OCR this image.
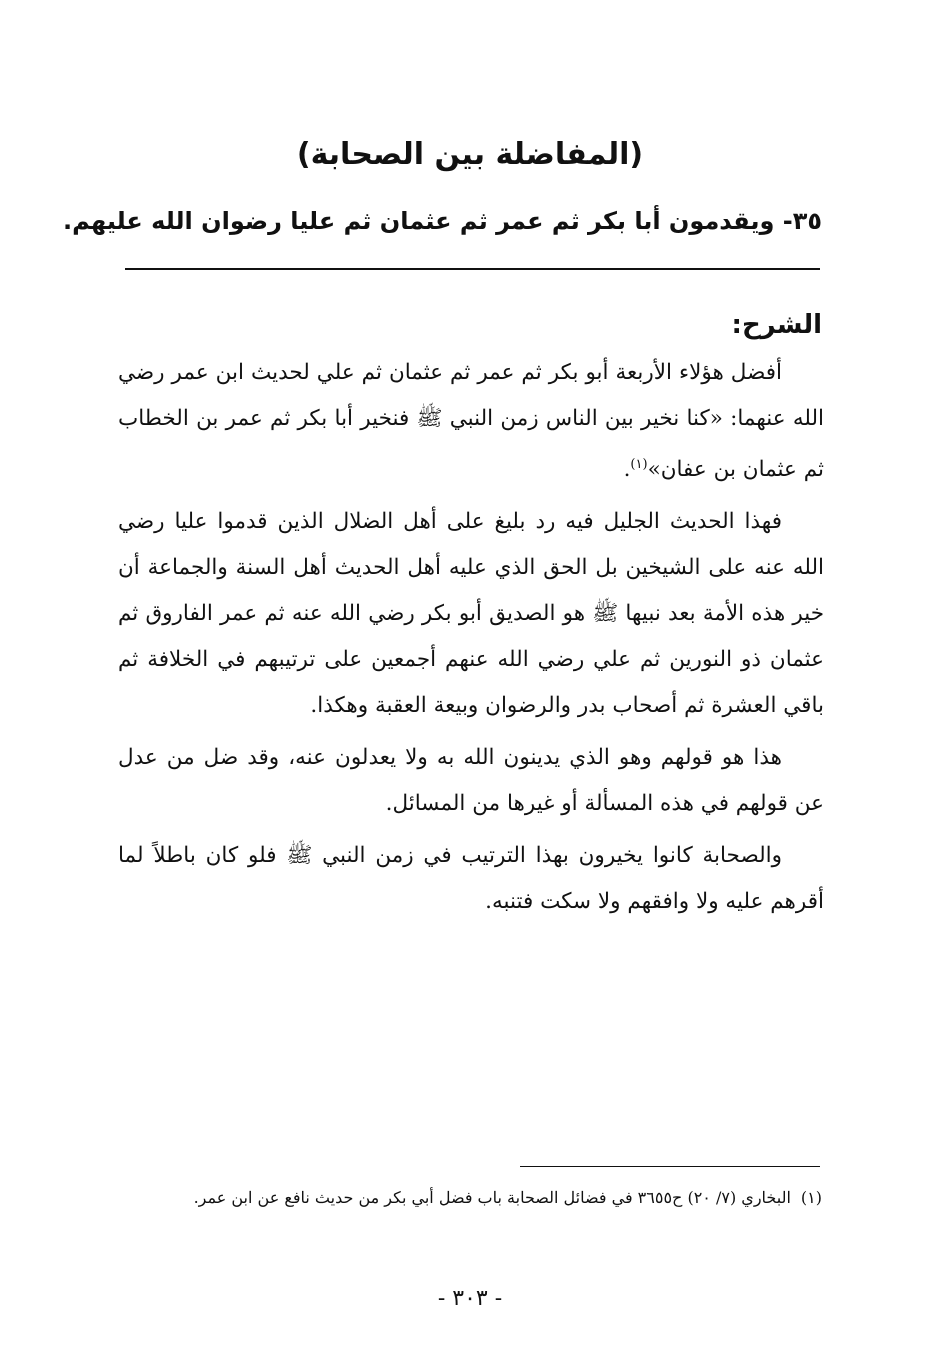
(المفاضلة بين الصحابة)
٣٥- ويقدمون أبا بكر ثم عمر ثم عثمان ثم عليا رضوان الله عليهم.
الشرح:

أفضل هؤلاء الأربعة أبو بكر ثم عمر ثم عثمان ثم علي لحديث ابن عمر رضي الله عنهما: «كنا نخير بين الناس زمن النبي ﷺ فنخير أبا بكر ثم عمر بن الخطاب ثم عثمان بن عفان»$^{(١)}$.

فهذا الحديث الجليل فيه رد بليغ على أهل الضلال الذين قدموا عليا رضي الله عنه على الشيخين بل الحق الذي عليه أهل الحديث أهل السنة والجماعة أن خير هذه الأمة بعد نبيها ﷺ هو الصديق أبو بكر رضي الله عنه ثم عمر الفاروق ثم عثمان ذو النورين ثم علي رضي الله عنهم أجمعين على ترتيبهم في الخلافة ثم باقي العشرة ثم أصحاب بدر والرضوان وبيعة العقبة وهكذا.

هذا هو قولهم وهو الذي يدينون الله به ولا يعدلون عنه، وقد ضل من عدل عن قولهم في هذه المسألة أو غيرها من المسائل.

والصحابة كانوا يخيرون بهذا الترتيب في زمن النبي ﷺ فلو كان باطلاً لما أقرهم عليه ولا وافقهم ولا سكت فتنبه.

(١)البخاري (٧/ ٢٠) ح٣٦٥٥ في فضائل الصحابة باب فضل أبي بكر من حديث نافع عن ابن عمر.
- ٣٠٣ -
